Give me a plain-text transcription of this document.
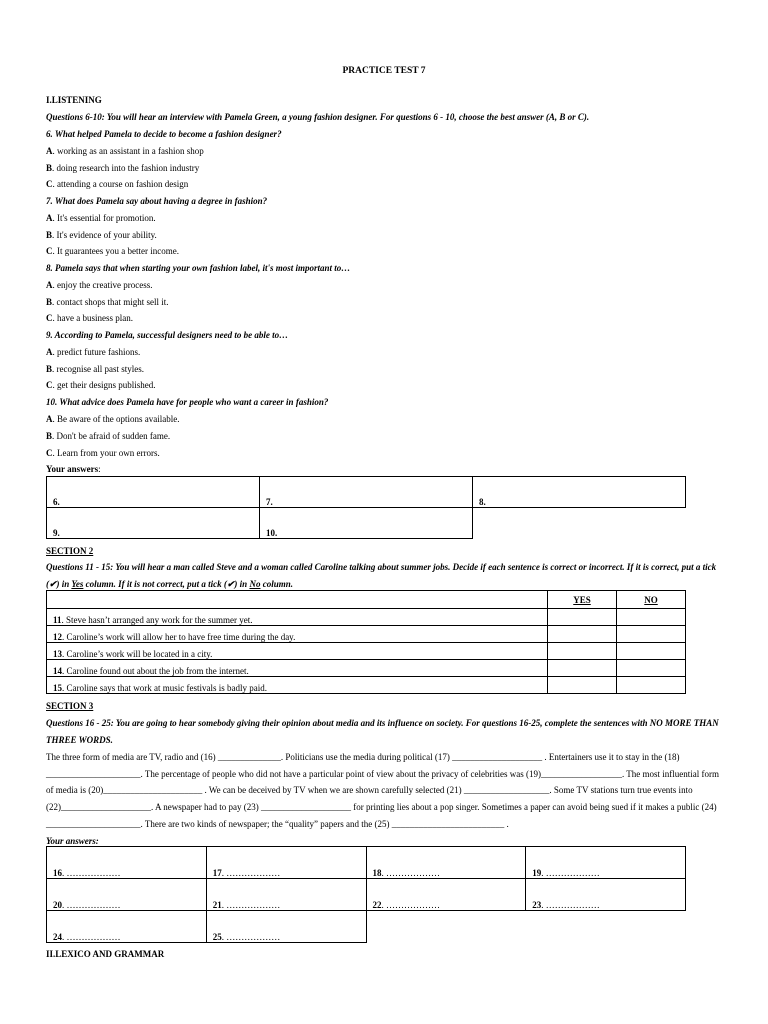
PRACTICE TEST 7
I.LISTENING
Questions 6-10: You will hear an interview with Pamela Green, a young fashion designer. For questions 6 - 10, choose the best answer (A, B or C).
6. What helped Pamela to decide to become a fashion designer?
A. working as an assistant in a fashion shop
B. doing research into the fashion industry
C. attending a course on fashion design
7. What does Pamela say about having a degree in fashion?
A. It's essential for promotion.
B. It's evidence of your ability.
C. It guarantees you a better income.
8. Pamela says that when starting your own fashion label, it's most important to…
A. enjoy the creative process.
B. contact shops that might sell it.
C. have a business plan.
9. According to Pamela, successful designers need to be able to…
A. predict future fashions.
B. recognise all past styles.
C. get their designs published.
10. What advice does Pamela have for people who want a career in fashion?
A. Be aware of the options available.
B. Don't be afraid of sudden fame.
C. Learn from your own errors.
Your answers:
6.	7.	8.
9.	10.	
SECTION 2
Questions 11 - 15: You will hear a man called Steve and a woman called Caroline talking about summer jobs. Decide if each sentence is correct or incorrect. If it is correct, put a tick
(✔) in Yes column. If it is not correct, put a tick (✔) in No column.
	YES	NO
11. Steve hasn’t arranged any work for the summer yet.		
12. Caroline’s work will allow her to have free time during the day.		
13. Caroline’s work will be located in a city.		
14. Caroline found out about the job from the internet.		
15. Caroline says that work at music festivals is badly paid.		
SECTION 3
Questions 16 - 25: You are going to hear somebody giving their opinion about media and its influence on society. For questions 16-25, complete the sentences with NO MORE THAN
THREE WORDS.
The three form of media are TV, radio and (16) ______________. Politicians use the media during political (17) ____________________ . Entertainers use it to stay in the (18)
_____________________. The percentage of people who did not have a particular point of view about the privacy of celebrities was (19)__________________. The most influential form
of media is (20)______________________ . We can be deceived by TV when we are shown carefully selected (21) ___________________. Some TV stations turn true events into
(22)____________________. A newspaper had to pay (23) ____________________ for printing lies about a pop singer. Sometimes a paper can avoid being sued if it makes a public (24)
_____________________. There are two kinds of newspaper; the “quality” papers and the (25) _________________________ .
Your answers:
16. ………………	17. ………………	18. ………………	19. ………………
20. ………………	21. ………………	22. ………………	23. ………………
24. ………………	25. ………………		
II.LEXICO AND GRAMMAR
